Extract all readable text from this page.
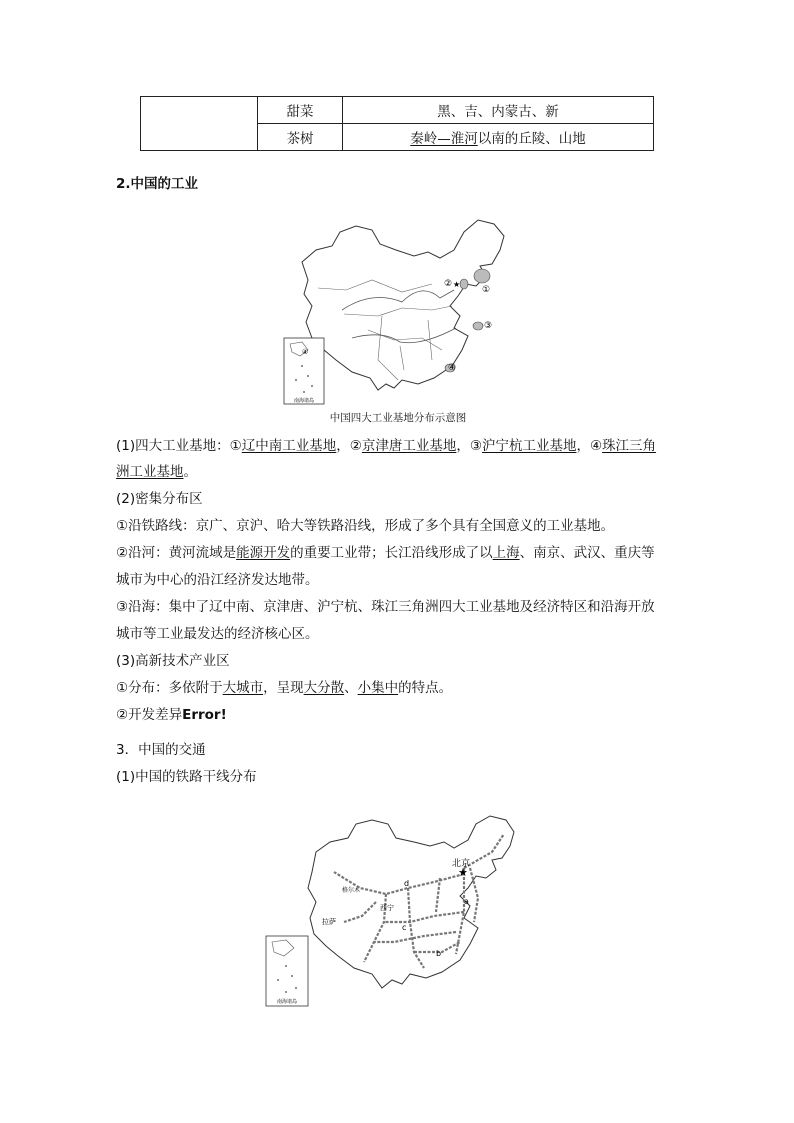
	甜菜	黑、吉、内蒙古、新
	茶树	秦岭—淮河以南的丘陵、山地
2.中国的工业
★
①
②
③
④
南海诸岛
④
中国四大工业基地分布示意图
(1)四大工业基地：①辽中南工业基地，②京津唐工业基地，③沪宁杭工业基地，④珠江三角
洲工业基地。
(2)密集分布区
①沿铁路线：京广、京沪、哈大等铁路沿线，形成了多个具有全国意义的工业基地。
②沿河：黄河流域是能源开发的重要工业带；长江沿线形成了以上海、南京、武汉、重庆等
城市为中心的沿江经济发达地带。
③沿海：集中了辽中南、京津唐、沪宁杭、珠江三角洲四大工业基地及经济特区和沿海开放
城市等工业最发达的经济核心区。
(3)高新技术产业区
①分布：多依附于大城市，呈现大分散、小集中的特点。
②开发差异Error!
3．中国的交通
(1)中国的铁路干线分布
★
北京
西宁
格尔木
拉萨
a
b
c
d
南海诸岛
